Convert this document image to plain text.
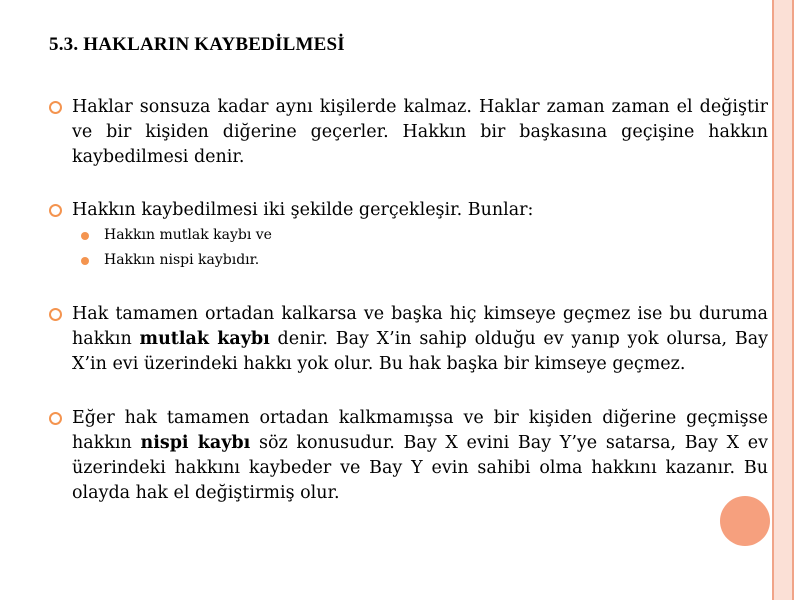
5.3. HAKLARIN KAYBEDİLMESİ
Haklar sonsuza kadar aynı kişilerde kalmaz. Haklar zaman zaman el değiştir ve bir kişiden diğerine geçerler. Hakkın bir başkasına geçişine hakkın kaybedilmesi denir.
Hakkın kaybedilmesi iki şekilde gerçekleşir. Bunlar:
Hakkın mutlak kaybı ve
Hakkın nispi kaybıdır.
Hak tamamen ortadan kalkarsa ve başka hiç kimseye geçmez ise bu duruma hakkın mutlak kaybı denir. Bay X’in sahip olduğu ev yanıp yok olursa, Bay X’in evi üzerindeki hakkı yok olur. Bu hak başka bir kimseye geçmez.
Eğer hak tamamen ortadan kalkmamışsa ve bir kişiden diğerine geçmişse hakkın nispi kaybı söz konusudur. Bay X evini Bay Y’ye satarsa, Bay X ev üzerindeki hakkını kaybeder ve Bay Y evin sahibi olma hakkını kazanır. Bu olayda hak el değiştirmiş olur.
